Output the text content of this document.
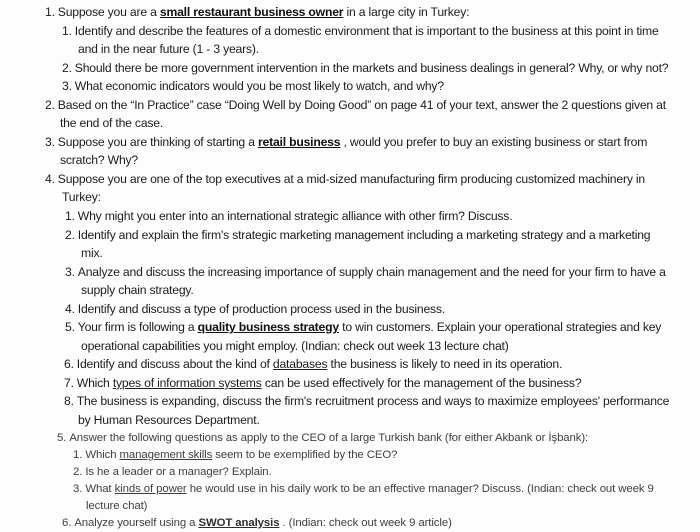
1. Suppose you are a small restaurant business owner in a large city in Turkey:
1. Identify and describe the features of a domestic environment that is important to the business at this point in time
and in the near future (1 - 3 years).
2. Should there be more government intervention in the markets and business dealings in general? Why, or why not?
3. What economic indicators would you be most likely to watch, and why?
2. Based on the “In Practice” case “Doing Well by Doing Good” on page 41 of your text, answer the 2 questions given at
the end of the case.
3. Suppose you are thinking of starting a retail business , would you prefer to buy an existing business or start from
scratch? Why?
4. Suppose you are one of the top executives at a mid-sized manufacturing firm producing customized machinery in
Turkey:
1. Why might you enter into an international strategic alliance with other firm? Discuss.
2. Identify and explain the firm's strategic marketing management including a marketing strategy and a marketing
mix.
3. Analyze and discuss the increasing importance of supply chain management and the need for your firm to have a
supply chain strategy.
4. Identify and discuss a type of production process used in the business.
5. Your firm is following a quality business strategy to win customers. Explain your operational strategies and key
operational capabilities you might employ. (Indian: check out week 13 lecture chat)
6. Identify and discuss about the kind of databases the business is likely to need in its operation.
7. Which types of information systems can be used effectively for the management of the business?
8. The business is expanding, discuss the firm's recruitment process and ways to maximize employees' performance
by Human Resources Department.
5. Answer the following questions as apply to the CEO of a large Turkish bank (for either Akbank or İşbank):
1. Which management skills seem to be exemplified by the CEO?
2. Is he a leader or a manager? Explain.
3. What kinds of power he would use in his daily work to be an effective manager? Discuss. (Indian: check out week 9
lecture chat)
6. Analyze yourself using a SWOT analysis . (Indian: check out week 9 article)
